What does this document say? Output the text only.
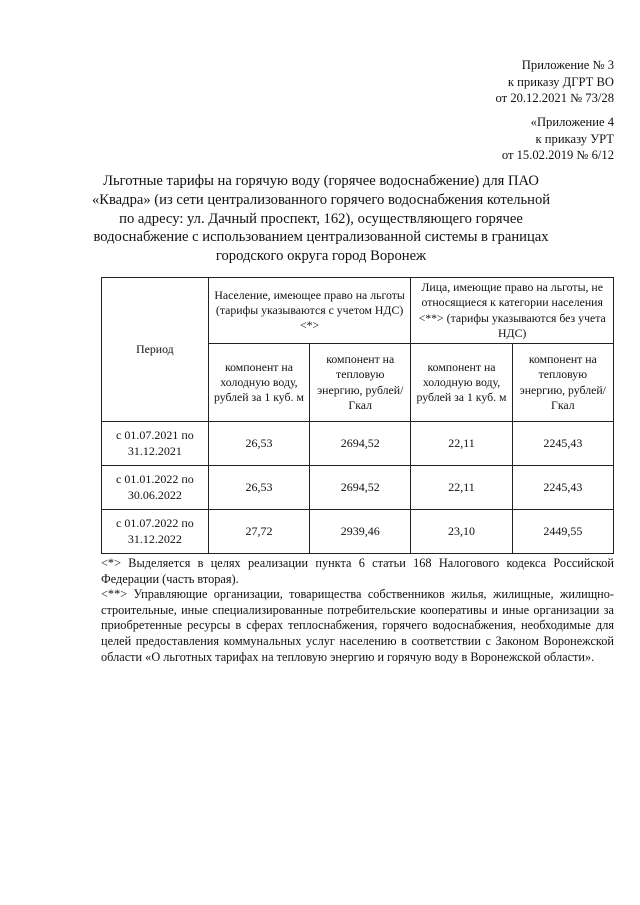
Приложение № 3
к приказу ДГРТ ВО
от 20.12.2021 № 73/28
«Приложение 4
к приказу УРТ
от 15.02.2019 № 6/12
Льготные тарифы на горячую воду (горячее водоснабжение) для ПАО «Квадра» (из сети централизованного горячего водоснабжения котельной по адресу: ул. Дачный проспект, 162), осуществляющего горячее водоснабжение с использованием централизованной системы в границах городского округа город Воронеж
Период	Население, имеющее право на льготы (тарифы указываются с учетом НДС) <*>		Лица, имеющие право на льготы, не относящиеся к категории населения <**> (тарифы указываются без учета НДС)	
	компонент на холодную воду, рублей за 1 куб. м	компонент на тепловую энергию, рублей/Гкал	компонент на холодную воду, рублей за 1 куб. м	компонент на тепловую энергию, рублей/Гкал
с 01.07.2021 по 31.12.2021	26,53	2694,52	22,11	2245,43
с 01.01.2022 по 30.06.2022	26,53	2694,52	22,11	2245,43
с 01.07.2022 по 31.12.2022	27,72	2939,46	23,10	2449,55

<*> Выделяется в целях реализации пункта 6 статьи 168 Налогового кодекса Российской Федерации (часть вторая).

<**> Управляющие организации, товарищества собственников жилья, жилищные, жилищно-строительные, иные специализированные потребительские кооперативы и иные организации за приобретенные ресурсы в сферах теплоснабжения, горячего водоснабжения, необходимые для целей предоставления коммунальных услуг населению в соответствии с Законом Воронежской области «О льготных тарифах на тепловую энергию и горячую воду в Воронежской области».
